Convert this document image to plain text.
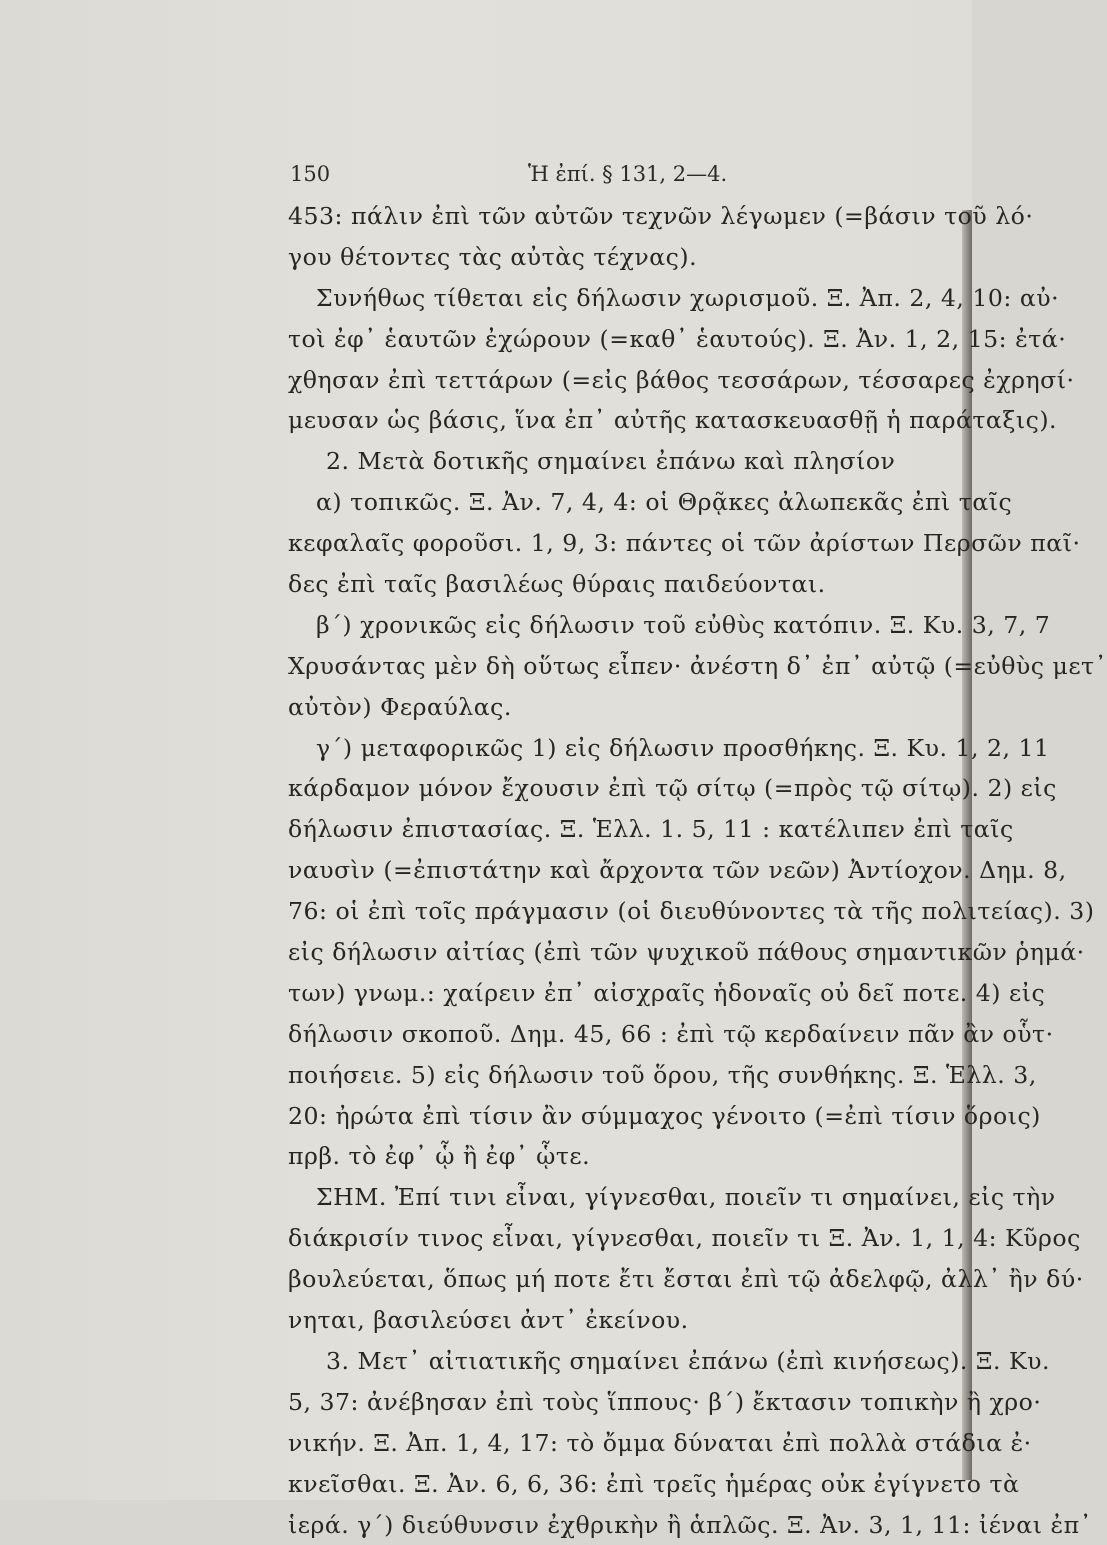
150	Ἡ ἐπί. § 131, 2—4.
453: πάλιν ἐπὶ τῶν αὐτῶν τεχνῶν λέγωμεν (=βάσιν τοῦ λό·
γου θέτοντες τὰς αὐτὰς τέχνας).
Συνήθως τίθεται εἰς δήλωσιν χωρισμοῦ. Ξ. Ἀπ. 2, 4, 10: αὐ·
τοὶ ἐφ᾽ ἑαυτῶν ἐχώρουν (=καθ᾽ ἑαυτούς). Ξ. Ἀν. 1, 2, 15: ἐτά·
χθησαν ἐπὶ τεττάρων (=εἰς βάθος τεσσάρων, τέσσαρες ἐχρησί·
μευσαν ὡς βάσις, ἵνα ἐπ᾽ αὐτῆς κατασκευασθῇ ἡ παράταξις).
2. Μετὰ δοτικῆς σημαίνει ἐπάνω καὶ πλησίον
α) τοπικῶς. Ξ. Ἀν. 7, 4, 4: οἱ Θρᾷκες ἀλωπεκᾶς ἐπὶ ταῖς
κεφαλαῖς φοροῦσι. 1, 9, 3: πάντες οἱ τῶν ἀρίστων Περσῶν παῖ·
δες ἐπὶ ταῖς βασιλέως θύραις παιδεύονται.
β΄) χρονικῶς εἰς δήλωσιν τοῦ εὐθὺς κατόπιν. Ξ. Κυ. 3, 7, 7
Χρυσάντας μὲν δὴ οὕτως εἶπεν· ἀνέστη δ᾽ ἐπ᾽ αὐτῷ (=εὐθὺς μετ᾽
αὐτὸν) Φεραύλας.
γ΄) μεταφορικῶς 1) εἰς δήλωσιν προσθήκης. Ξ. Κυ. 1, 2, 11
κάρδαμον μόνον ἔχουσιν ἐπὶ τῷ σίτῳ (=πρὸς τῷ σίτῳ). 2) εἰς
δήλωσιν ἐπιστασίας. Ξ. Ἑλλ. 1. 5, 11 : κατέλιπεν ἐπὶ ταῖς
ναυσὶν (=ἐπιστάτην καὶ ἄρχοντα τῶν νεῶν) Ἀντίοχον. Δημ. 8,
76: οἱ ἐπὶ τοῖς πράγμασιν (οἱ διευθύνοντες τὰ τῆς πολιτείας). 3)
εἰς δήλωσιν αἰτίας (ἐπὶ τῶν ψυχικοῦ πάθους σημαντικῶν ῥημά·
των) γνωμ.: χαίρειν ἐπ᾽ αἰσχραῖς ἡδοναῖς οὐ δεῖ ποτε. 4) εἰς
δήλωσιν σκοποῦ. Δημ. 45, 66 : ἐπὶ τῷ κερδαίνειν πᾶν ἂν οὗτ·
ποιήσειε. 5) εἰς δήλωσιν τοῦ ὅρου, τῆς συνθήκης. Ξ. Ἑλλ. 3,
20: ἠρώτα ἐπὶ τίσιν ἂν σύμμαχος γένοιτο (=ἐπὶ τίσιν ὅροις)
πρβ. τὸ ἐφ᾽ ᾧ ἢ ἐφ᾽ ᾧτε.
ΣΗΜ. Ἐπί τινι εἶναι, γίγνεσθαι, ποιεῖν τι σημαίνει, εἰς τὴν
διάκρισίν τινος εἶναι, γίγνεσθαι, ποιεῖν τι Ξ. Ἀν. 1, 1, 4: Κῦρος
βουλεύεται, ὅπως μή ποτε ἔτι ἔσται ἐπὶ τῷ ἀδελφῷ, ἀλλ᾽ ἢν δύ·
νηται, βασιλεύσει ἀντ᾽ ἐκείνου.
3. Μετ᾽ αἰτιατικῆς σημαίνει ἐπάνω (ἐπὶ κινήσεως). Ξ. Κυ.
5, 37: ἀνέβησαν ἐπὶ τοὺς ἵππους· β΄) ἔκτασιν τοπικὴν ἢ χρο·
νικήν. Ξ. Ἀπ. 1, 4, 17: τὸ ὄμμα δύναται ἐπὶ πολλὰ στάδια ἐ·
κνεῖσθαι. Ξ. Ἀν. 6, 6, 36: ἐπὶ τρεῖς ἡμέρας οὐκ ἐγίγνετο τὰ
ἱερά. γ΄) διεύθυνσιν ἐχθρικὴν ἢ ἁπλῶς. Ξ. Ἀν. 3, 1, 11: ἰέναι ἐπ᾽
